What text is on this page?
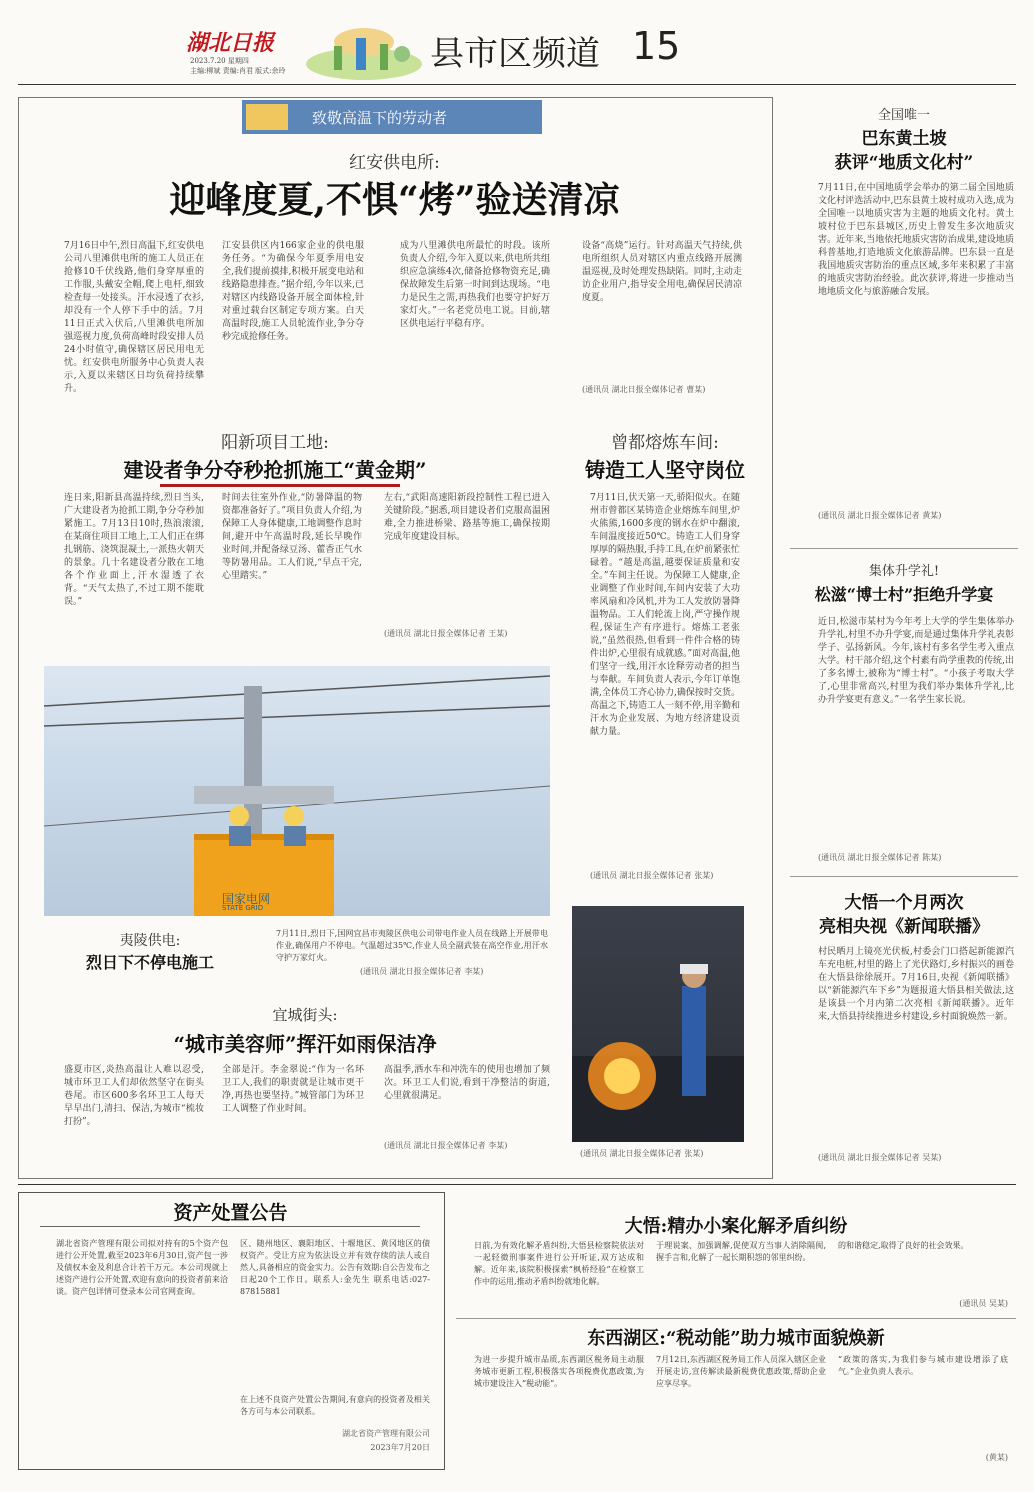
湖北日报
2023.7.20 星期四
主编:柳斌 责编:肖君 版式:余玲	县市区频道 15
致敬高温下的劳动者
红安供电所:
迎峰度夏,不惧“烤”验送清凉
7月16日中午,烈日高温下,红安供电公司八里滩供电所的施工人员正在抢修10千伏线路,他们身穿厚重的工作服,头戴安全帽,爬上电杆,细致检查每一处接头。汗水浸透了衣衫,却没有一个人停下手中的活。7月11日正式入伏后,八里滩供电所加强巡视力度,负荷高峰时段安排人员24小时值守,确保辖区居民用电无忧。红安供电所服务中心负责人表示,入夏以来辖区日均负荷持续攀升。
江安县供区内166家企业的供电服务任务。“为确保今年夏季用电安全,我们提前摸排,积极开展变电站和线路隐患排查。”据介绍,今年以来,已对辖区内线路设备开展全面体检,针对重过载台区制定专项方案。白天高温时段,施工人员轮流作业,争分夺秒完成抢修任务。
成为八里滩供电所最忙的时段。该所负责人介绍,今年入夏以来,供电所共组织应急演练4次,储备抢修物资充足,确保故障发生后第一时间到达现场。“电力是民生之需,再热我们也要守护好万家灯火。”一名老党员电工说。目前,辖区供电运行平稳有序。
设备“高烧”运行。针对高温天气持续,供电所组织人员对辖区内重点线路开展测温巡视,及时处理发热缺陷。同时,主动走访企业用户,指导安全用电,确保居民清凉度夏。
(通讯员 湖北日报全媒体记者 曹某)
阳新项目工地:
建设者争分夺秒抢抓施工“黄金期”
连日来,阳新县高温持续,烈日当头,广大建设者为抢抓工期,争分夺秒加紧施工。7月13日10时,热浪滚滚,在某商住项目工地上,工人们正在绑扎钢筋、浇筑混凝土,一派热火朝天的景象。几十名建设者分散在工地各个作业面上,汗水湿透了衣背。“天气太热了,不过工期不能耽误。”
时间去往室外作业,“防暑降温的物资都准备好了。”项目负责人介绍,为保障工人身体健康,工地调整作息时间,避开中午高温时段,延长早晚作业时间,并配备绿豆汤、藿香正气水等防暑用品。工人们说,“早点干完,心里踏实。”
左右,“武阳高速阳新段控制性工程已进入关键阶段。”据悉,项目建设者们克服高温困难,全力推进桥梁、路基等施工,确保按期完成年度建设目标。
(通讯员 湖北日报全媒体记者 王某)
曾都熔炼车间:
铸造工人坚守岗位
7月11日,伏天第一天,骄阳似火。在随州市曾都区某铸造企业熔炼车间里,炉火熊熊,1600多度的钢水在炉中翻滚,车间温度接近50℃。铸造工人们身穿厚厚的隔热服,手持工具,在炉前紧张忙碌着。“越是高温,越要保证质量和安全。”车间主任说。为保障工人健康,企业调整了作业时间,车间内安装了大功率风扇和冷风机,并为工人发放防暑降温物品。工人们轮流上岗,严守操作规程,保证生产有序进行。熔炼工老张说,“虽然很热,但看到一件件合格的铸件出炉,心里很有成就感。”面对高温,他们坚守一线,用汗水诠释劳动者的担当与奉献。车间负责人表示,今年订单饱满,全体员工齐心协力,确保按时交货。高温之下,铸造工人一刻不停,用辛勤和汗水为企业发展、为地方经济建设贡献力量。
(通讯员 湖北日报全媒体记者 张某)
国家电网
STATE GRID
夷陵供电:
烈日下不停电施工
7月11日,烈日下,国网宜昌市夷陵区供电公司带电作业人员在线路上开展带电作业,确保用户不停电。气温超过35℃,作业人员全副武装在高空作业,用汗水守护万家灯火。
(通讯员 湖北日报全媒体记者 李某)
宜城街头:
“城市美容师”挥汗如雨保洁净
盛夏市区,炎热高温让人难以忍受,城市环卫工人们却依然坚守在街头巷尾。市区600多名环卫工人每天早早出门,清扫、保洁,为城市“梳妆打扮”。
全部是汗。李金翠说:“作为一名环卫工人,我们的职责就是让城市更干净,再热也要坚持。”城管部门为环卫工人调整了作业时间。
高温季,洒水车和冲洗车的使用也增加了频次。环卫工人们说,看到干净整洁的街道,心里就很满足。
(通讯员 湖北日报全媒体记者 李某)
(通讯员 湖北日报全媒体记者 张某)
全国唯一
巴东黄土坡
获评“地质文化村”
7月11日,在中国地质学会举办的第二届全国地质文化村评选活动中,巴东县黄土坡村成功入选,成为全国唯一以地质灾害为主题的地质文化村。黄土坡村位于巴东县城区,历史上曾发生多次地质灾害。近年来,当地依托地质灾害防治成果,建设地质科普基地,打造地质文化旅游品牌。巴东县一直是我国地质灾害防治的重点区域,多年来积累了丰富的地质灾害防治经验。此次获评,将进一步推动当地地质文化与旅游融合发展。
(通讯员 湖北日报全媒体记者 黄某)
集体升学礼!
松滋“博士村”拒绝升学宴
近日,松滋市某村为今年考上大学的学生集体举办升学礼,村里不办升学宴,而是通过集体升学礼表彰学子、弘扬新风。今年,该村有多名学生考入重点大学。村干部介绍,这个村素有尚学重教的传统,出了多名博士,被称为“博士村”。“小孩子考取大学了,心里非常高兴,村里为我们举办集体升学礼,比办升学宴更有意义。”一名学生家长说。
(通讯员 湖北日报全媒体记者 陈某)
大悟一个月两次
亮相央视《新闻联播》
村民晒月上镜亮光伏板,村委会门口搭起新能源汽车充电桩,村里的路上了光伏路灯,乡村振兴的画卷在大悟县徐徐展开。7月16日,央视《新闻联播》以“新能源汽车下乡”为题报道大悟县相关做法,这是该县一个月内第二次亮相《新闻联播》。近年来,大悟县持续推进乡村建设,乡村面貌焕然一新。
(通讯员 湖北日报全媒体记者 吴某)
资产处置公告
湖北省资产管理有限公司拟对持有的5个资产包进行公开处置,截至2023年6月30日,资产包一涉及债权本金及利息合计若干万元。本公司现就上述资产进行公开处置,欢迎有意向的投资者前来洽谈。资产包详情可登录本公司官网查询。
区、随州地区、襄阳地区、十堰地区、黄冈地区的债权资产。受让方应为依法设立并有效存续的法人或自然人,具备相应的资金实力。公告有效期:自公告发布之日起20个工作日。联系人:金先生 联系电话:027-87815881
在上述不良资产处置公告期间,有意向的投资者及相关各方可与本公司联系。
湖北省资产管理有限公司
2023年7月20日
大悟:精办小案化解矛盾纠纷
日前,为有效化解矛盾纠纷,大悟县检察院依法对一起轻微刑事案件进行公开听证,双方达成和解。近年来,该院积极探索“枫桥经验”在检察工作中的运用,推动矛盾纠纷就地化解。
于理说案、加强调解,促使双方当事人消除隔阂,握手言和,化解了一起长期积怨的邻里纠纷。
的和谐稳定,取得了良好的社会效果。
(通讯员 吴某)
东西湖区:“税动能”助力城市面貌焕新
为进一步提升城市品质,东西湖区税务局主动服务城市更新工程,积极落实各项税费优惠政策,为城市建设注入“税动能”。
7月12日,东西湖区税务局工作人员深入辖区企业开展走访,宣传解读最新税费优惠政策,帮助企业应享尽享。
“政策的落实,为我们参与城市建设增添了底气。”企业负责人表示。
(黄某)
